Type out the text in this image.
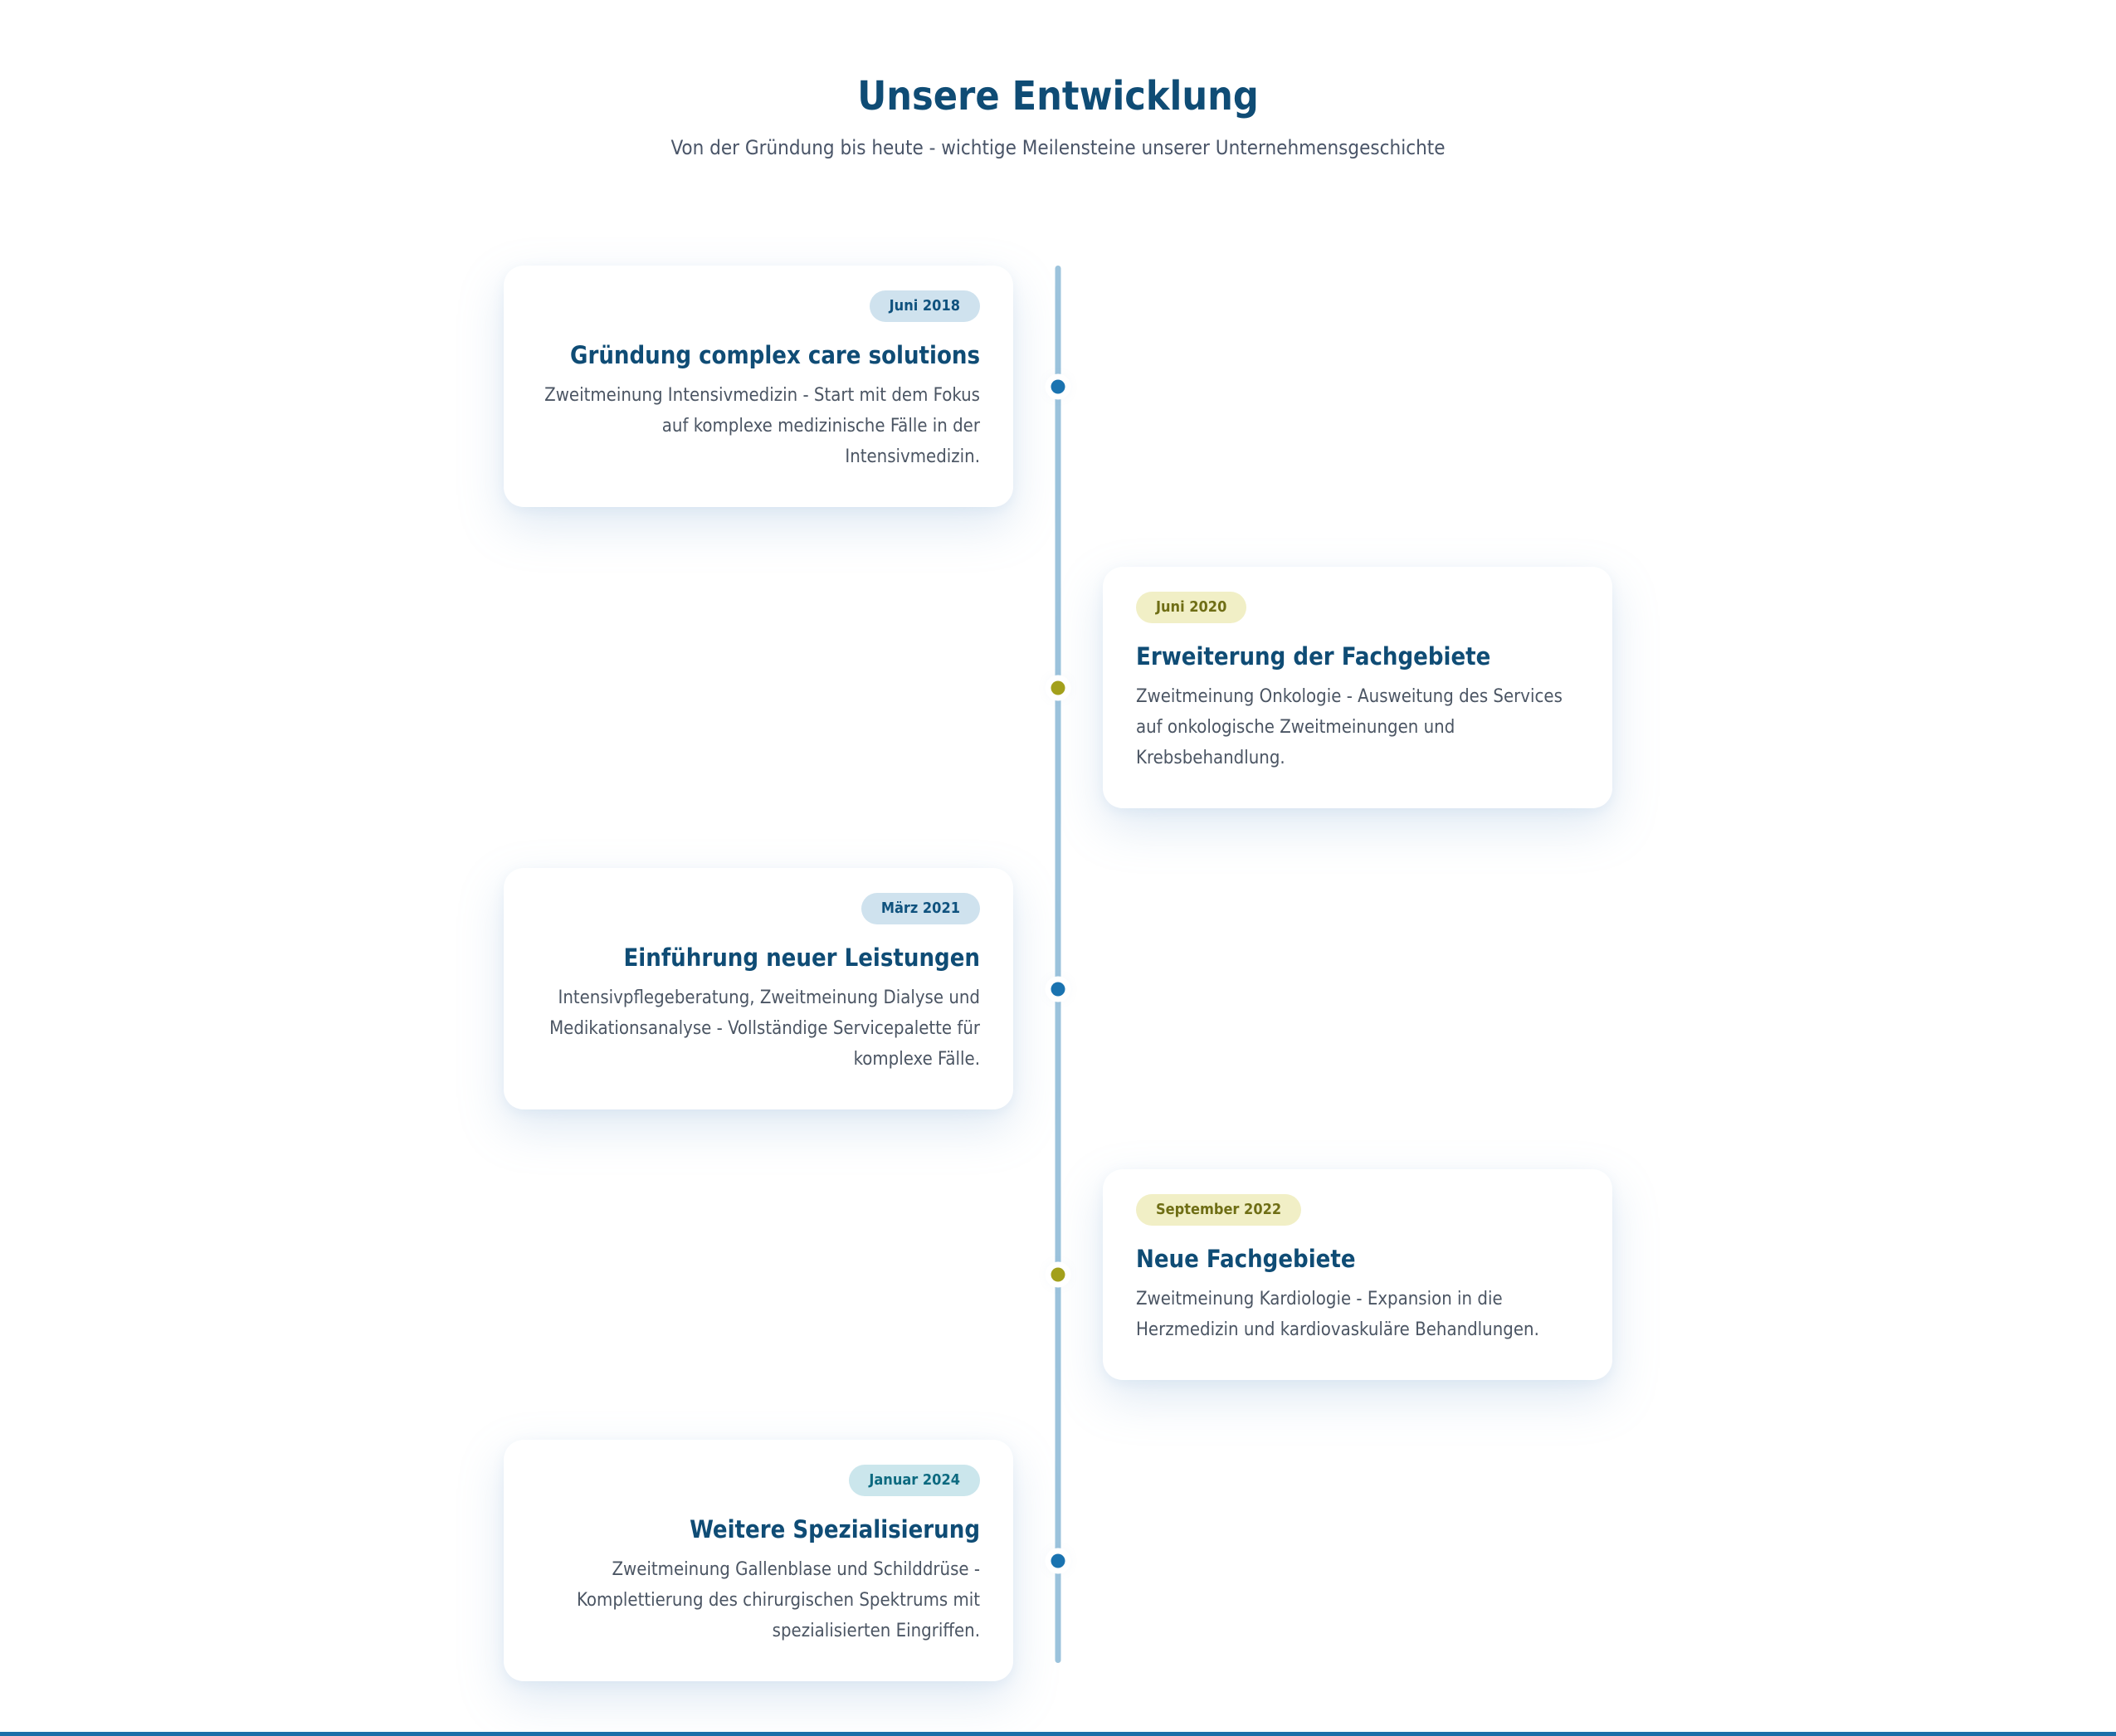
Unsere Entwicklung
Von der Gründung bis heute - wichtige Meilensteine unserer Unternehmensgeschichte
Juni 2018
Gründung complex care solutions
Zweitmeinung Intensivmedizin - Start mit dem Fokus auf komplexe medizinische Fälle in der Intensivmedizin.
Juni 2020
Erweiterung der Fachgebiete
Zweitmeinung Onkologie - Ausweitung des Services auf onkologische Zweitmeinungen und Krebsbehandlung.
März 2021
Einführung neuer Leistungen
Intensivpflegeberatung, Zweitmeinung Dialyse und Medikationsanalyse - Vollständige Servicepalette für komplexe Fälle.
September 2022
Neue Fachgebiete
Zweitmeinung Kardiologie - Expansion in die Herzmedizin und kardiovaskuläre Behandlungen.
Januar 2024
Weitere Spezialisierung
Zweitmeinung Gallenblase und Schilddrüse - Komplettierung des chirurgischen Spektrums mit spezialisierten Eingriffen.
